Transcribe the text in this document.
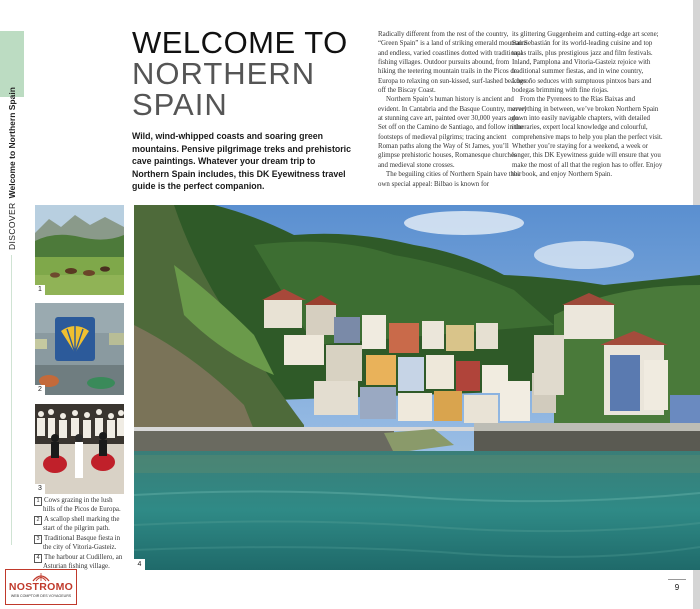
DISCOVERWelcome to Northern Spain
WELCOME TO
NORTHERN
SPAIN
Wild, wind-whipped coasts and soaring green mountains. Pensive pilgrimage treks and prehistoric cave paintings. Whatever your dream trip to Northern Spain includes, this DK Eyewitness travel guide is the perfect companion.

Radically different from the rest of the country, “Green Spain” is a land of striking emerald mountains and endless, varied coastlines dotted with traditional fishing villages. Outdoor pursuits abound, from hiking the teetering mountain trails in the Picos de Europa to relaxing on sun-kissed, surf-lashed beaches off the Biscay Coast.

Northern Spain’s human history is ancient and evident. In Cantabria and the Basque Country, marvel at stunning cave art, painted over 30,000 years ago. Set off on the Camino de Santiago, and follow in the footsteps of medieval pilgrims; tracing ancient Roman paths along the Way of St James, you’ll glimpse prehistoric houses, Romanesque churches and medieval stone crosses.

The beguiling cities of Northern Spain have their own special appeal: Bilbao is known for

its glittering Guggenheim and cutting-edge art scene; San Sebastián for its world-leading cuisine and top tapas trails, plus prestigious jazz and film festivals. Inland, Pamplona and Vitoria-Gasteiz rejoice with traditional summer fiestas, and in wine country, Logroño seduces with sumptuous pintxos bars and bodegas brimming with fine riojas.

From the Pyrenees to the Rías Baixas and everything in between, we’ve broken Northern Spain down into easily navigable chapters, with detailed itineraries, expert local knowledge and colourful, comprehensive maps to help you plan the perfect visit. Whether you’re staying for a weekend, a week or longer, this DK Eyewitness guide will ensure that you make the most of all that the region has to offer. Enjoy the book, and enjoy Northern Spain.

1
2
3

1 Cows grazing in the lush hills of the Picos de Europa.

2 A scallop shell marking the start of the pilgrim path.

3 Traditional Basque fiesta in the city of Vitoria-Gasteiz.

4 The harbour at Cudillero, an Asturian fishing village.	4
NOSTROMO
WEB COMPTOIR DES VOYAGEURS
9
